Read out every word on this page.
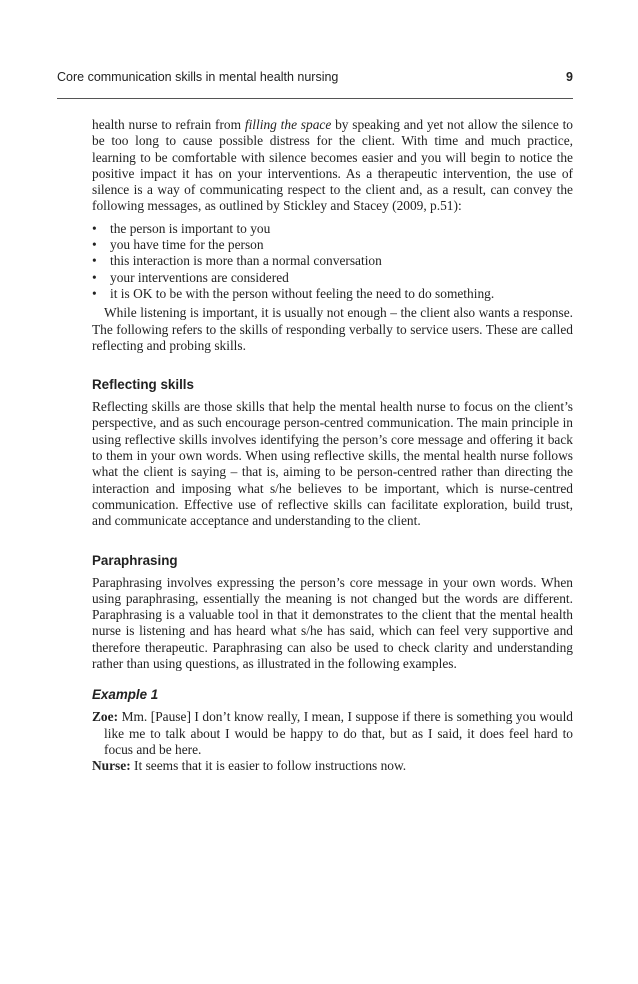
Core communication skills in mental health nursing	9

health nurse to refrain from filling the space by speaking and yet not allow the silence to be too long to cause possible distress for the client. With time and much practice, learning to be comfortable with silence becomes easier and you will begin to notice the positive impact it has on your interventions. As a therapeutic intervention, the use of silence is a way of communicating respect to the client and, as a result, can convey the following messages, as outlined by Stickley and Stacey (2009, p.51):

• the person is important to you
• you have time for the person
• this interaction is more than a normal conversation
• your interventions are considered
• it is OK to be with the person without feeling the need to do something.

While listening is important, it is usually not enough – the client also wants a response. The following refers to the skills of responding verbally to service users. These are called reflecting and probing skills.

Reflecting skills

Reflecting skills are those skills that help the mental health nurse to focus on the client’s perspective, and as such encourage person-centred communication. The main principle in using reflective skills involves identifying the person’s core message and offering it back to them in your own words. When using reflective skills, the mental health nurse follows what the client is saying – that is, aiming to be person-centred rather than directing the interaction and imposing what s/he believes to be important, which is nurse-centred communication. Effective use of reflective skills can facilitate exploration, build trust, and communicate acceptance and understanding to the client.

Paraphrasing

Paraphrasing involves expressing the person’s core message in your own words. When using paraphrasing, essentially the meaning is not changed but the words are different. Paraphrasing is a valuable tool in that it demonstrates to the client that the mental health nurse is listening and has heard what s/he has said, which can feel very supportive and therefore therapeutic. Paraphrasing can also be used to check clarity and understanding rather than using questions, as illustrated in the following examples.

Example 1

Zoe: Mm. [Pause] I don’t know really, I mean, I suppose if there is something you would like me to talk about I would be happy to do that, but as I said, it does feel hard to focus and be here.

Nurse: It seems that it is easier to follow instructions now.
